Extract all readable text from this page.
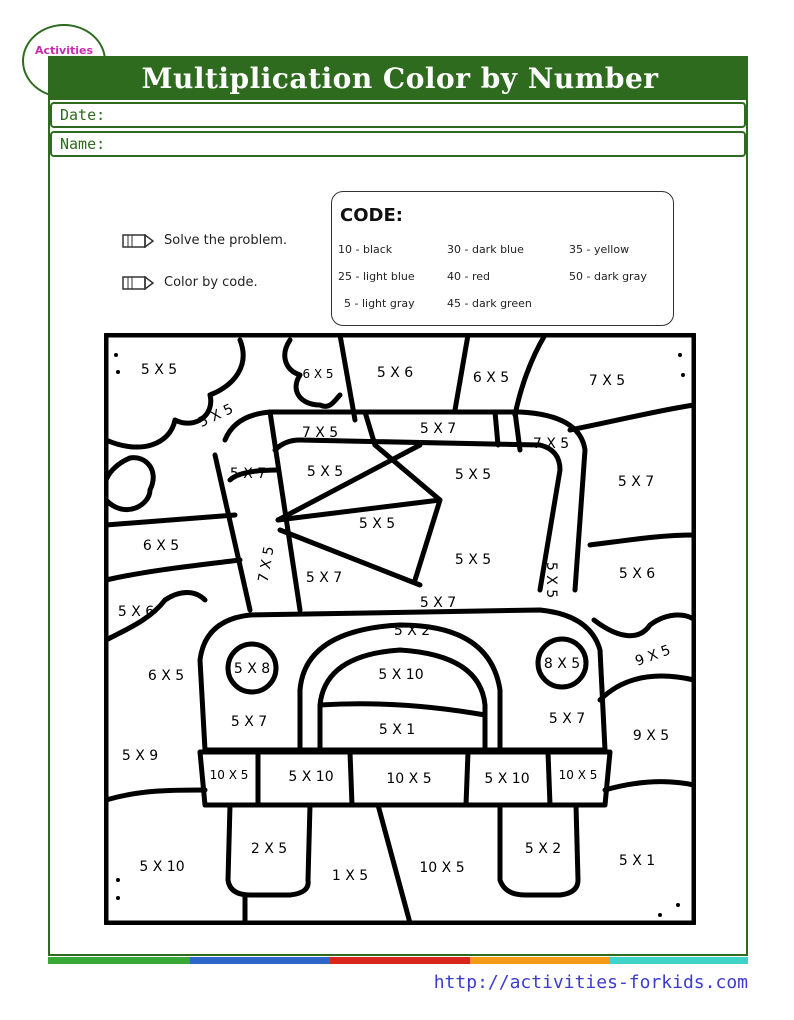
Activities

Multiplication Color by Number
Date:
Name:
Solve the problem.
Color by code.
CODE:
10 - black	30 - dark blue	35 - yellow
25 - light blue	40 - red	50 - dark gray
5 - light gray	45 - dark green
5 X 5	6 X 5	5 X 6	6 X 5	7 X 5
5 X 5
7 X 5	5 X 7
7 X 5
5 X 7	5 X 5	5 X 5	5 X 7
6 X 5
5 X 5
7 X 5	5 X 5
5 X 6
5 X 7
5 X 6
5 X 5
5 X 7
6 X 5
5 X 2
9 X 5
5 X 8	5 X 10
8 X 5
5 X 9
5 X 7	5 X 1
5 X 7
9 X 5
10 X 5	5 X 10	10 X 5	5 X 10 10 X 5
2 X 5
5 X 10
1 X 5	10 X 5
5 X 2
5 X 1
http://activities-forkids.com
